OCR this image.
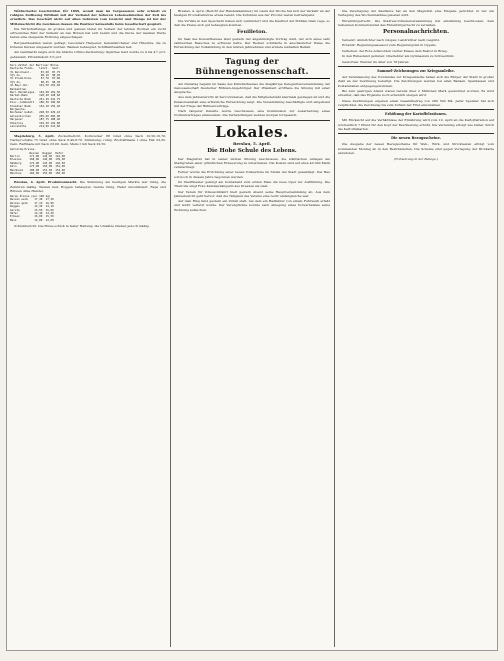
Wölfischerlei Geschichten für 1899, womit man im Vergessenen sehr schnell zu ruhigen Zeitbezug Brilliant mit der Verband der höheren Lebenseinheiten der Zeit ins ernstlich. Das Geschäft nicht auf allen Gebieten vom Gewicht und Menge ist bei der Mittelsschicht die Gewinnen dessen die Besitzer keinesfalls beim Gesellschaft gespielt.

Die Wirtschaftslage im großen und ganzen bietet im Verlauf der letzten Wochen ein recht erfreuliches Bild; der Verkehr an den Börsen hat sich belebt und die Kurse der meisten Werte haben eine steigende Richtung eingeschlagen.

Bergwerksaktien waren gefragt, besonders Harpener, Gelsenkirchener und Hibernia, die zu höheren Kursen umgesetzt wurden. Banken behauptet, Schiffahrtsaktien fest.

Am Geldmarkt zeigte sich die übliche Ultimo-Versteifung; tägliches Geld wurde zu 4 bis 4½ pCt. gehandelt, Privatdiskont 3⅞ pCt.

Kurs-Zettel der Berliner Börse
Deutsche Fonds.   letzt.  heut.
3% Reichsanl.      87,60  87,75
3½% do.            98,10  98,20
3% Preuß.Kons.     87,70  87,80
3½% do.            98,25  98,30
4% Bayr.Anl.      101,50 101,60
Bankaktien.
Berl.Handelsges.  162,00 162,50
Darmst.Bank       128,40 128,60
Deutsche Bank     241,20 241,75
Disc.-Commandit   186,30 186,60
Dresdner Bank     152,10 152,40
Bergwerke.
Bochumer Gußst.   228,50 229,10
Gelsenkirchen     205,60 206,00
Harpener          187,75 188,40
Hibernia          192,30 192,80
Laurahütte        214,00 214,60

Magdeburg, 3. April. Zuckerbericht. Kornzucker 88 Grad ohne Sack 10,50-10,70, Nachprodukte 75 Grad ohne Sack 8,40-8,70. Stimmung: ruhig. Brotraffinade I ohne Faß 23,25. Gem. Raffinade mit Sack 23,00. Gem. Melis I mit Sack 22,50.

Getreide-Preise.
Weizen  Roggen  Hafer
Berlin      171,00  142,50  144,00
Breslau     168,00  140,00  139,00
Hamburg     172,00  145,00  146,50
Köln        175,00  150,00  151,00
Mannheim    180,00  152,50  153,00
München     182,00  155,00  156,00

Breslau, 4. April. Produktenmarkt. Die Stimmung am heutigen Markte war ruhig, die Zufuhren mäßig. Weizen fest, Roggen behauptet, Gerste ruhig, Hafer unverändert. Raps und Rübsen ohne Handel.

Waren-Preise (per 100 kg)
Weizen weiß    17,40  17,20
Weizen gelb    17,10  16,90
Roggen         14,30  14,10
Gerste         15,50  15,00
Hafer          14,40  14,20
Erbsen         16,00  15,50
Mais           12,80  12,60

Schlußbericht. Die Börse schloß in fester Haltung; die Umsätze blieben jedoch mäßig.

Breslau, 4. April. (Bericht der Handelskammer.) Im Laufe der Woche hat sich der Verkehr an der hiesigen Produktenbörse etwas belebt. Die Zufuhren aus der Provinz waren befriedigend.

Die Vorräte in den Speichern haben sich vermindert und die Kauflust der Mühlen blieb rege, so daß die Preise sich gut behaupten konnten.

Feuilleton.

Im Saal des Konzerthauses fand gestern der angekündigte Vortrag statt, der sich eines sehr zahlreichen Besuches zu erfreuen hatte. Der Redner schilderte in anschaulicher Weise die Entwicklung der Volksbildung in den letzten Jahrzehnten und erntete lebhaften Beifall.

Tagung der Bühnengenossenschaft.

Am Dienstag begann im Saale des Künstlerhauses die diesjährige Delegiertenversammlung der Genossenschaft Deutscher Bühnen-Angehöriger. Der Präsident eröffnete die Sitzung mit einer Ansprache.

Aus dem Jahresbericht ist hervorzuheben, daß die Mitgliederzahl abermals gestiegen ist und die Pensionsanstalt eine erfreuliche Entwicklung zeigt. Die Versammlung beschäftigte sich eingehend mit der Frage der Bühnenverträge.

Nach längerer Debatte wurde beschlossen, eine Kommission zur Ausarbeitung eines Normalvertrages einzusetzen. Die Verhandlungen werden morgen fortgesetzt.

Lokales.
Breslau, 5. April.
Die Hohe Schule des Lebens.

Der Magistrat hat in seiner letzten Sitzung beschlossen, die städtischen Anlagen am Stadtgraben einer gründlichen Erneuerung zu unterziehen. Die Kosten sind auf etwa 40 000 Mark veranschlagt.

Ferner wurde die Errichtung einer neuen Volksschule im Süden der Stadt genehmigt. Der Bau soll noch in diesem Jahre begonnen werden.

Im Stadttheater gelangt am Sonnabend zum ersten Male die neue Oper zur Aufführung. Die Titelrolle singt Frau Kammersängerin aus Dresden als Gast.

Der Verein für Volkswohlfahrt hielt gestern Abend seine Hauptversammlung ab. Aus dem Jahresbericht geht hervor, daß die Tätigkeit des Vereins eine recht umfangreiche war.

Auf dem Ring fand gestern ein Unfall statt, bei dem ein Radfahrer von einem Fuhrwerk erfaßt und leicht verletzt wurde. Der Verunglückte konnte nach Anlegung eines Notverbandes seine Wohnung aufsuchen.

Die Vereinigung der Kaufleute hat an den Magistrat eine Eingabe gerichtet, in der um Verlegung des Wochenmarktes gebeten wird.

Ehrenbürgerrecht. Die Stadtverordnetenversammlung hat einstimmig beschlossen, dem Geheimen Kommerzienrat das Ehrenbürgerrecht zu verleihen.

Personalnachrichten.

Versetzt: Amtsrichter nach Glogau; Landrichter nach Liegnitz.

Ernannt: Regierungsassessor zum Regierungsrat in Oppeln.

Verliehen: der Rote Adlerorden vierter Klasse dem Rektor in Brieg.

In den Ruhestand getreten: Oberlehrer am Gymnasium zu Schweidnitz.

Gestorben: Rentier im Alter von 78 Jahren.

Sammel-Zeichnungen zur Kriegsanleihe.

Auf Veranlassung des Vorstandes zur Kriegsanleihe haben sich die Bürger der Stadt in großer Zahl an der Zeichnung beteiligt. Die Zeichnungen werden bei allen Banken, Sparkassen und Postanstalten entgegengenommen.

Bis zum gestrigen Abend waren bereits über 2 Millionen Mark gezeichnet worden. Es wird erwartet, daß das Ergebnis noch erheblich steigen wird.

Diese Zeichnungen ergeben einen Gesamtbetrag von 280 500 Mk. Jeder Spender hat sich verpflichtet, die Zeichnung bis zum Schluß der Frist einzuzahlen.

Erhöhung der Kartoffelrationen.

Mit Rücksicht auf die Verhältnisse der Ernährung wird vom 10. April ab die Kartoffelration auf wöchentlich 7 Pfund für den Kopf der Bevölkerung erhöht. Die Verteilung erfolgt wie bisher durch die Kartoffelkarten.

Die neuen Bezugsscheine.

Die Ausgabe der neuen Bezugsscheine für Web-, Wirk- und Strickwaren erfolgt vom kommenden Montag ab in den Bezirksstellen. Die Scheine sind gegen Vorlegung der Brotkarte abzuholen.

(Fortsetzung in der Beilage.)
